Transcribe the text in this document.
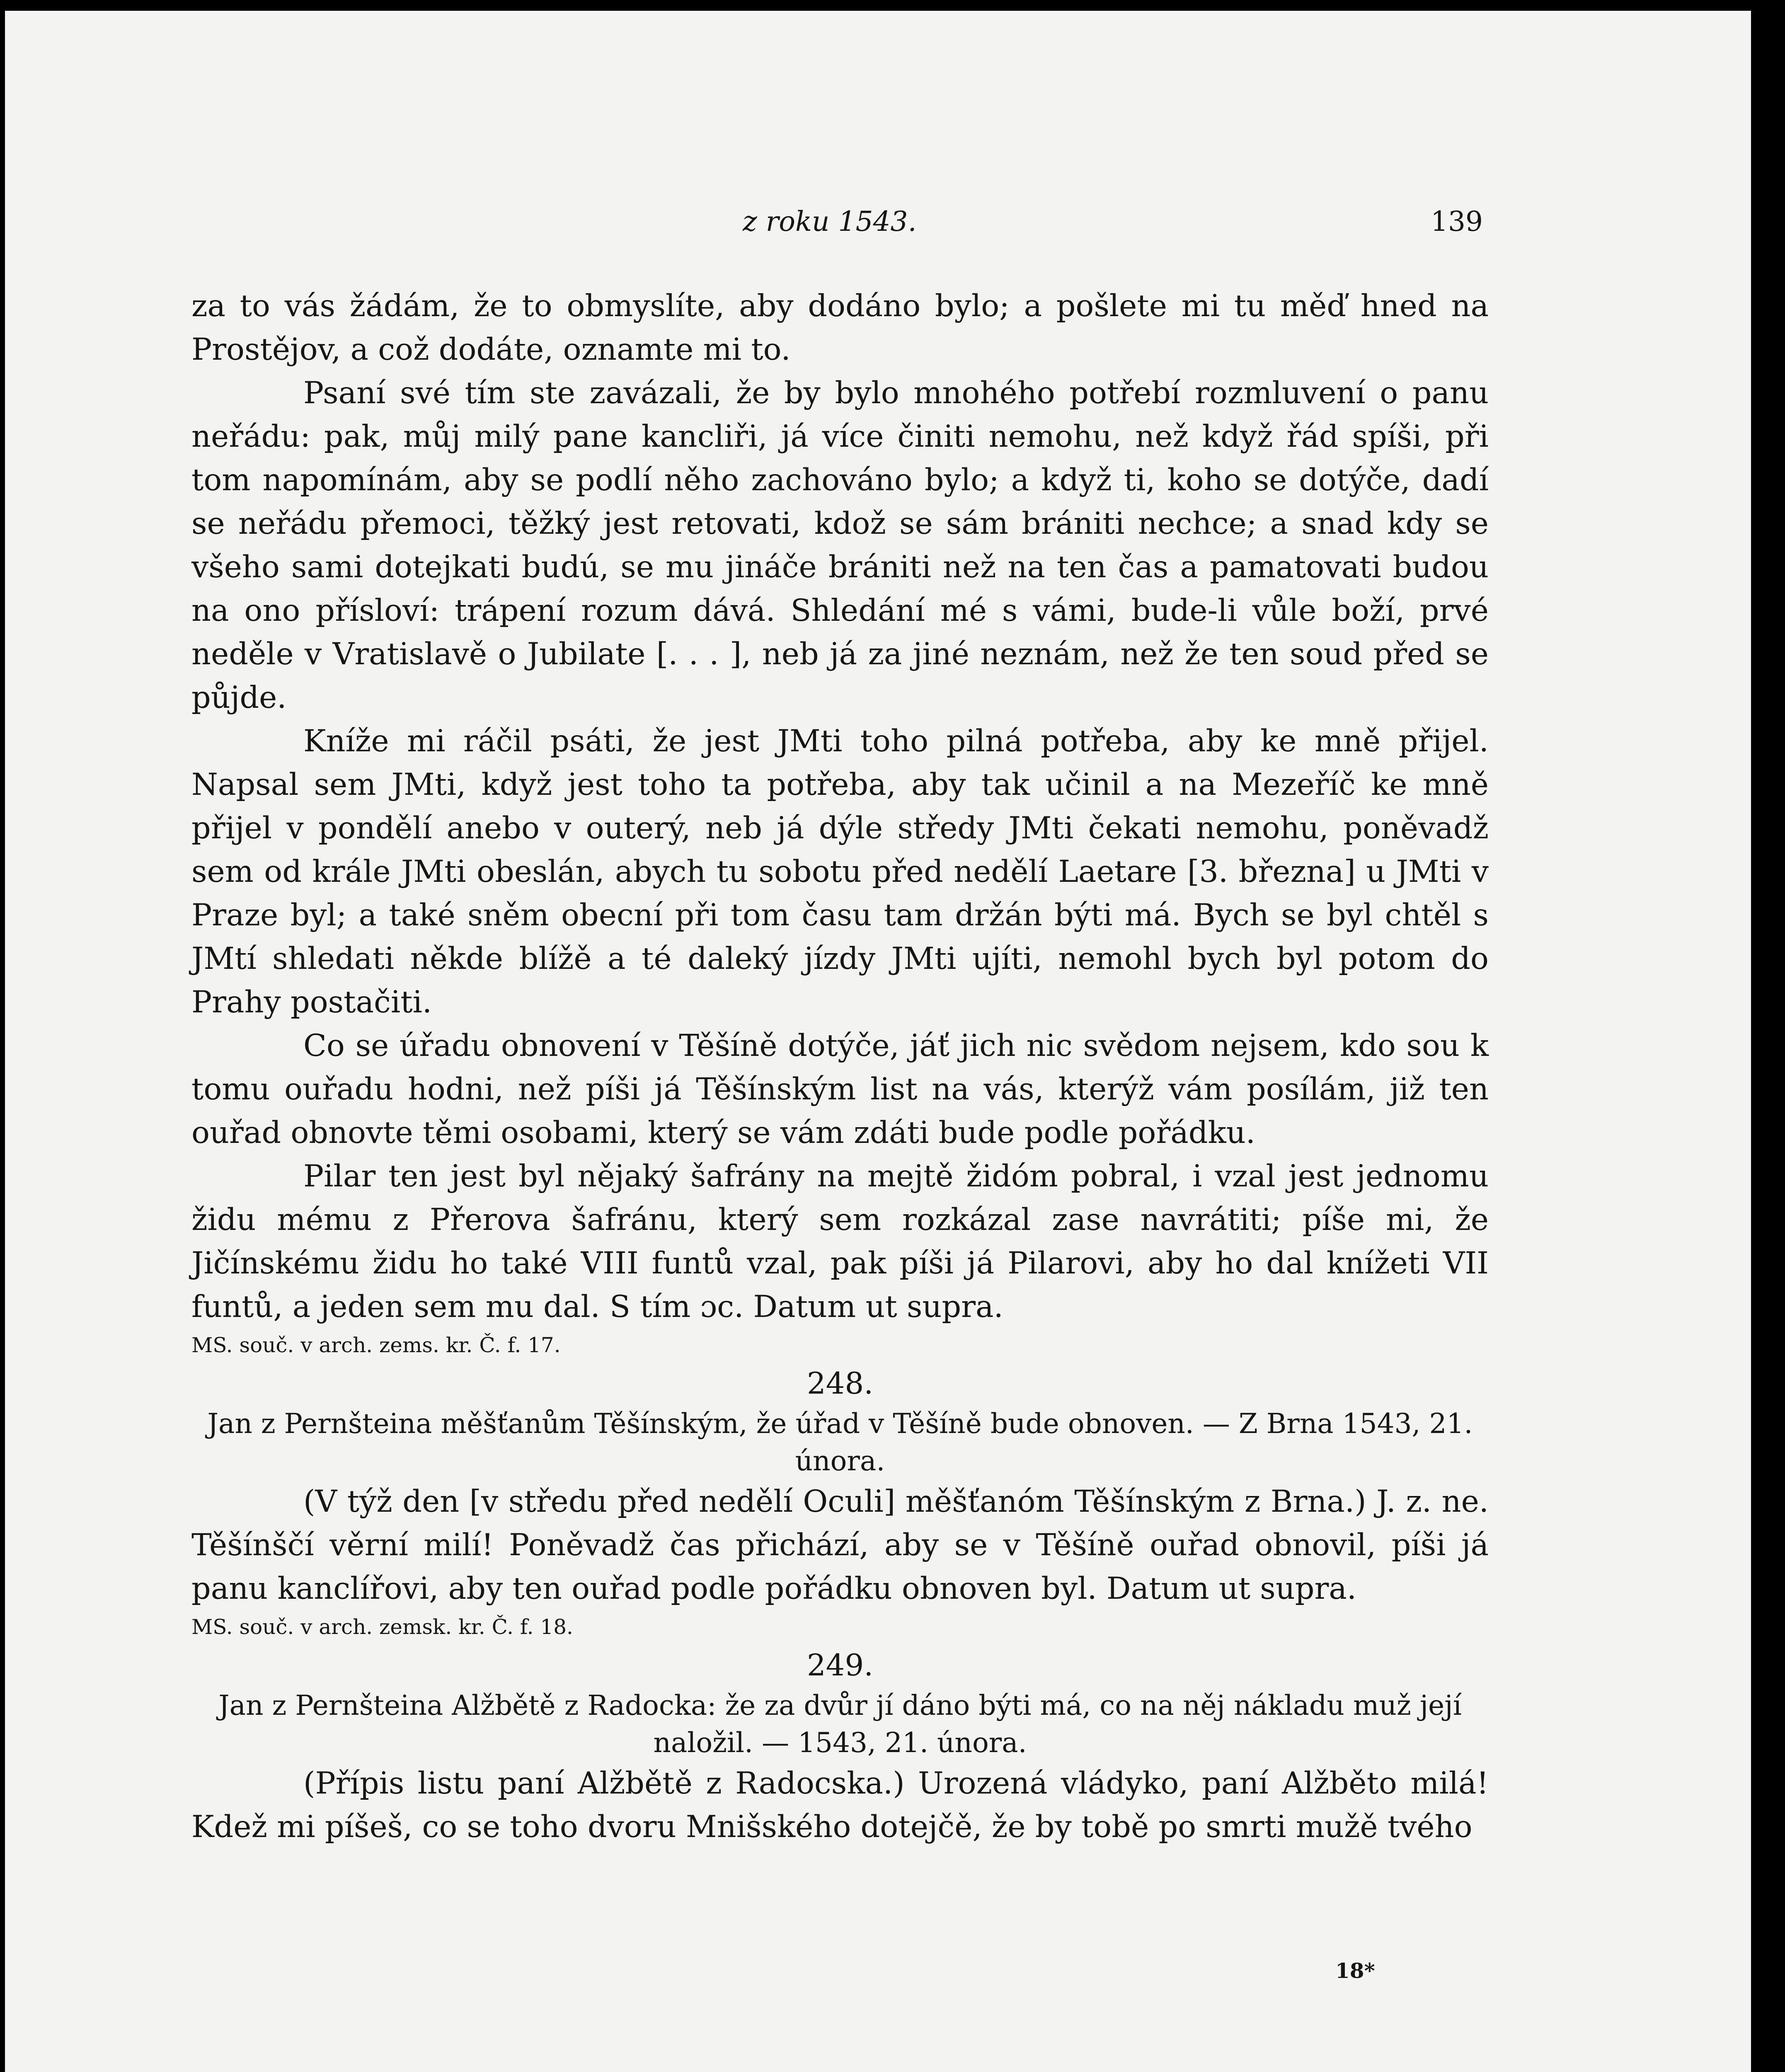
z roku 1543.	139

za to vás žádám, že to obmyslíte, aby dodáno bylo; a pošlete mi tu měď hned na Prostějov, a což dodáte, oznamte mi to.

Psaní své tím ste zavázali, že by bylo mnohého potřebí rozmluvení o panu neřádu: pak, můj milý pane kancliři, já více činiti nemohu, než když řád spíši, při tom napomínám, aby se podlí něho zachováno bylo; a když ti, koho se dotýče, dadí se neřádu přemoci, těžký jest retovati, kdož se sám brániti nechce; a snad kdy se všeho sami dotejkati budú, se mu jináče brániti než na ten čas a pamatovati budou na ono přísloví: trápení rozum dává. Shledání mé s vámi, bude-li vůle boží, prvé neděle v Vratislavě o Jubilate [. . . ], neb já za jiné neznám, než že ten soud před se půjde.

Kníže mi ráčil psáti, že jest JMti toho pilná potřeba, aby ke mně přijel. Napsal sem JMti, když jest toho ta potřeba, aby tak učinil a na Mezeříč ke mně přijel v pondělí anebo v outerý, neb já dýle středy JMti čekati nemohu, poněvadž sem od krále JMti obeslán, abych tu sobotu před nedělí Laetare [3. března] u JMti v Praze byl; a také sněm obecní při tom času tam držán býti má. Bych se byl chtěl s JMtí shledati někde blížě a té daleký jízdy JMti ujíti, nemohl bych byl potom do Prahy postačiti.

Co se úřadu obnovení v Těšíně dotýče, jáť jich nic svědom nejsem, kdo sou k tomu ouřadu hodni, než píši já Těšínským list na vás, kterýž vám posílám, již ten ouřad obnovte těmi osobami, který se vám zdáti bude podle pořádku.

Pilar ten jest byl nějaký šafrány na mejtě židóm pobral, i vzal jest jednomu židu mému z Přerova šafránu, který sem rozkázal zase navrátiti; píše mi, že Jičínskému židu ho také VIII funtů vzal, pak píši já Pilarovi, aby ho dal knížeti VII funtů, a jeden sem mu dal. S tím ɔc. Datum ut supra.

MS. souč. v arch. zems. kr. Č. f. 17.

248.

Jan z Pernšteina měšťanům Těšínským, že úřad v Těšíně bude obnoven. — Z Brna 1543, 21. února.

(V týž den [v středu před nedělí Oculi] měšťanóm Těšínským z Brna.) J. z. ne. Těšínščí věrní milí! Poněvadž čas přichází, aby se v Těšíně ouřad obnovil, píši já panu kanclířovi, aby ten ouřad podle pořádku obnoven byl. Datum ut supra.

MS. souč. v arch. zemsk. kr. Č. f. 18.

249.

Jan z Pernšteina Alžbětě z Radocka: že za dvůr jí dáno býti má, co na něj nákladu muž její naložil. — 1543, 21. února.

(Přípis listu paní Alžbětě z Radocska.) Urozená vládyko, paní Alžběto milá! Kdež mi píšeš, co se toho dvoru Mnišského dotejčě, že by tobě po smrti mužě tvého

18*
